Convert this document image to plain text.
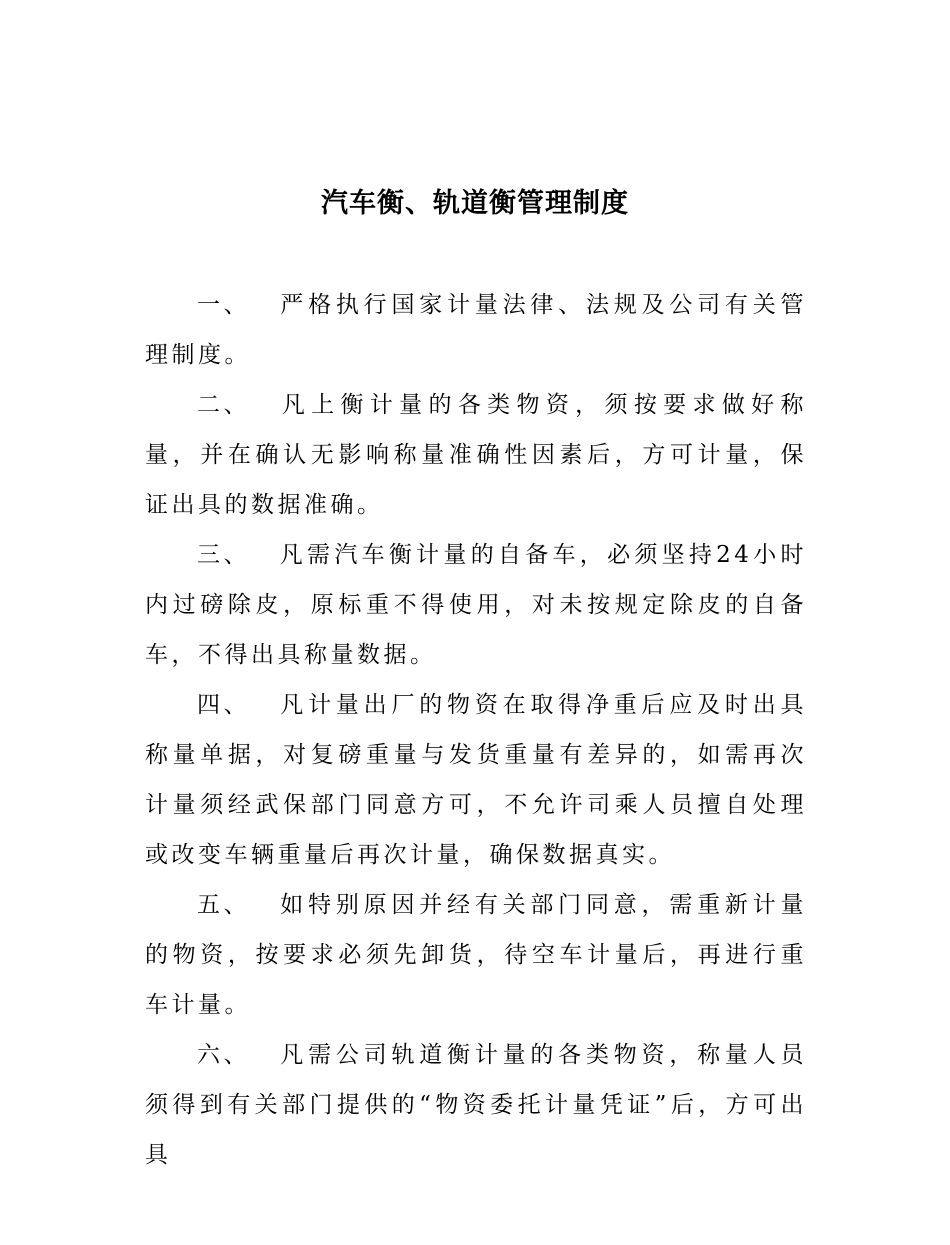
汽车衡、轨道衡管理制度

一、 严格执行国家计量法律、法规及公司有关管理制度。

二、 凡上衡计量的各类物资，须按要求做好称量，并在确认无影响称量准确性因素后，方可计量，保证出具的数据准确。

三、 凡需汽车衡计量的自备车，必须坚持24小时内过磅除皮，原标重不得使用，对未按规定除皮的自备车，不得出具称量数据。

四、 凡计量出厂的物资在取得净重后应及时出具称量单据，对复磅重量与发货重量有差异的，如需再次计量须经武保部门同意方可，不允许司乘人员擅自处理或改变车辆重量后再次计量，确保数据真实。

五、 如特别原因并经有关部门同意，需重新计量的物资，按要求必须先卸货，待空车计量后，再进行重车计量。

六、 凡需公司轨道衡计量的各类物资，称量人员须得到有关部门提供的“物资委托计量凭证”后，方可出具
